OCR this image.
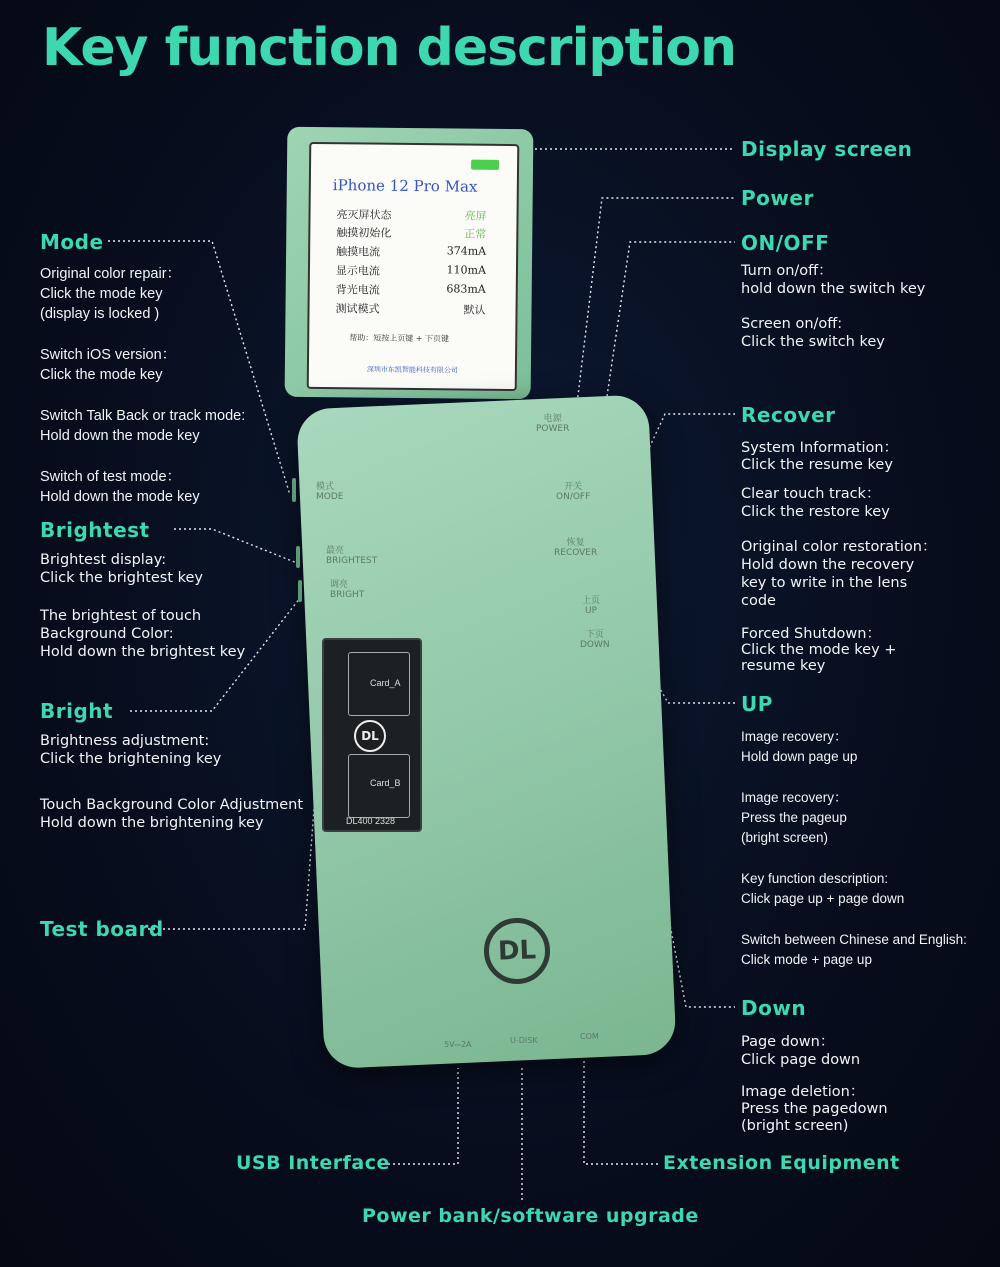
Key function description
iPhone 12 Pro Max
亮灭屏状态	亮屏
触摸初始化	正常
触摸电流	374mA
显示电流	110mA
背光电流	683mA
测试模式	默认
帮助：短按上页键 + 下页键
深圳市东凯智能科技有限公司
电源
POWER
开关
ON/OFF
恢复
RECOVER
上页
UP
下页
DOWN
模式
MODE
最亮
BRIGHTEST
调亮
BRIGHT
Card_A
DL
Card_B
DL400 2328
DL
5V⎓2A	U-DISK	COM
Mode
Original color repair：
Click the mode key
(display is locked )
Switch iOS version：
Click the mode key
Switch Talk Back or track mode:
Hold down the mode key
Switch of test mode：
Hold down the mode key
Brightest
Brightest display:
Click the brightest key
The brightest of touch
Background Color:
Hold down the brightest key
Bright
Brightness adjustment:
Click the brightening key
Touch Background Color Adjustment
Hold down the brightening key
Test board
Display screen
Power
ON/OFF
Turn on/off：
hold down the switch key
Screen on/off:
Click the switch key
Recover
System Information：
Click the resume key
Clear touch track：
Click the restore key
Original color restoration：
Hold down the recovery
key to write in the lens
code
Forced Shutdown：
Click the mode key +
resume key
UP
Image recovery：
Hold down page up
Image recovery：
Press the pageup
(bright screen)
Key function description:
Click page up + page down
Switch between Chinese and English:
Click mode + page up
Down
Page down：
Click page down
Image deletion：
Press the pagedown
(bright screen)
USB Interface	Extension Equipment
Power bank/software upgrade
